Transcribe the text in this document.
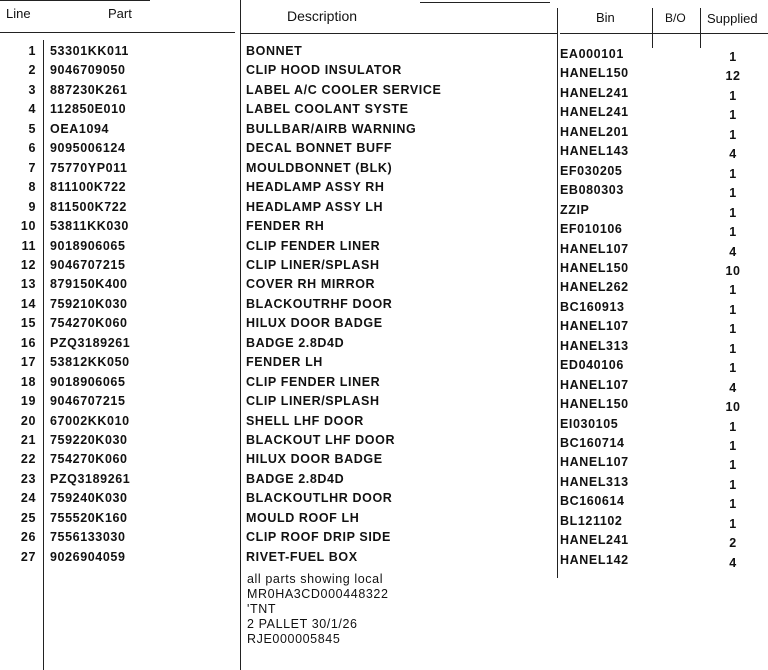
Line	Part	Description	Bin	B/O Supplied
1 53301KK011	BONNET	EA000101	1
2 9046709050	CLIP HOOD INSULATOR	HANEL150	12
3 887230K261	LABEL A/C COOLER SERVICE	HANEL241	1
4 112850E010	LABEL COOLANT SYSTE	HANEL241	1
5 OEA1094	BULLBAR/AIRB WARNING	HANEL201	1
6 9095006124	DECAL BONNET BUFF	HANEL143	4
7 75770YP011	MOULDBONNET (BLK)	EF030205	1
8 811100K722	HEADLAMP ASSY RH	EB080303	1
9 811500K722	HEADLAMP ASSY LH	ZZIP	1
10 53811KK030	FENDER RH	EF010106	1
11 9018906065	CLIP FENDER LINER	HANEL107	4
12 9046707215	CLIP LINER/SPLASH	HANEL150	10
13 879150K400	COVER RH MIRROR	HANEL262	1
14 759210K030	BLACKOUTRHF DOOR	BC160913	1
15 754270K060	HILUX DOOR BADGE	HANEL107	1
16 PZQ3189261	BADGE 2.8D4D	HANEL313	1
17 53812KK050	FENDER LH	ED040106	1
18 9018906065	CLIP FENDER LINER	HANEL107	4
19 9046707215	CLIP LINER/SPLASH	HANEL150	10
20 67002KK010	SHELL LHF DOOR	EI030105	1
21 759220K030	BLACKOUT LHF DOOR	BC160714	1
22 754270K060	HILUX DOOR BADGE	HANEL107	1
23 PZQ3189261	BADGE 2.8D4D	HANEL313	1
24 759240K030	BLACKOUTLHR DOOR	BC160614	1
25 755520K160	MOULD ROOF LH	BL121102	1
26 7556133030	CLIP ROOF DRIP SIDE	HANEL241	2
27 9026904059	RIVET-FUEL BOX	HANEL142	4
all parts showing local
MR0HA3CD000448322
'TNT
2 PALLET 30/1/26
RJE000005845
